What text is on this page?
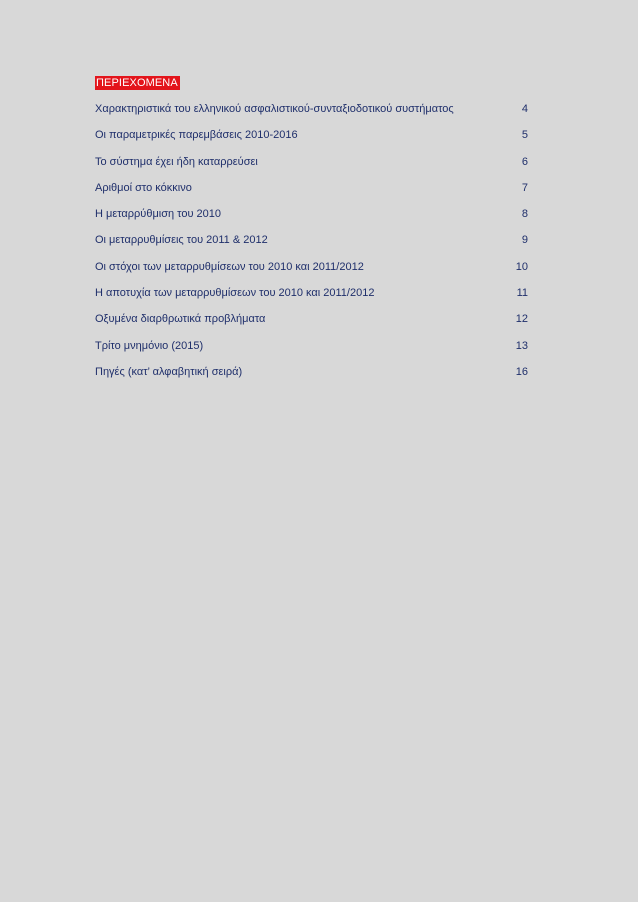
ΠΕΡΙΕΧΟΜΕΝΑ
Χαρακτηριστικά του ελληνικού ασφαλιστικού-συνταξιοδοτικού συστήματος	4
Οι παραμετρικές παρεμβάσεις 2010-2016	5
Το σύστημα έχει ήδη καταρρεύσει	6
Αριθμοί στο κόκκινο	7
Η μεταρρύθμιση του 2010	8
Οι μεταρρυθμίσεις του 2011 & 2012	9
Οι στόχοι των μεταρρυθμίσεων του 2010 και 2011/2012	10
Η αποτυχία των μεταρρυθμίσεων του 2010 και 2011/2012	11
Οξυμένα διαρθρωτικά προβλήματα	12
Τρίτο μνημόνιο (2015)	13
Πηγές (κατ’ αλφαβητική σειρά)	16
